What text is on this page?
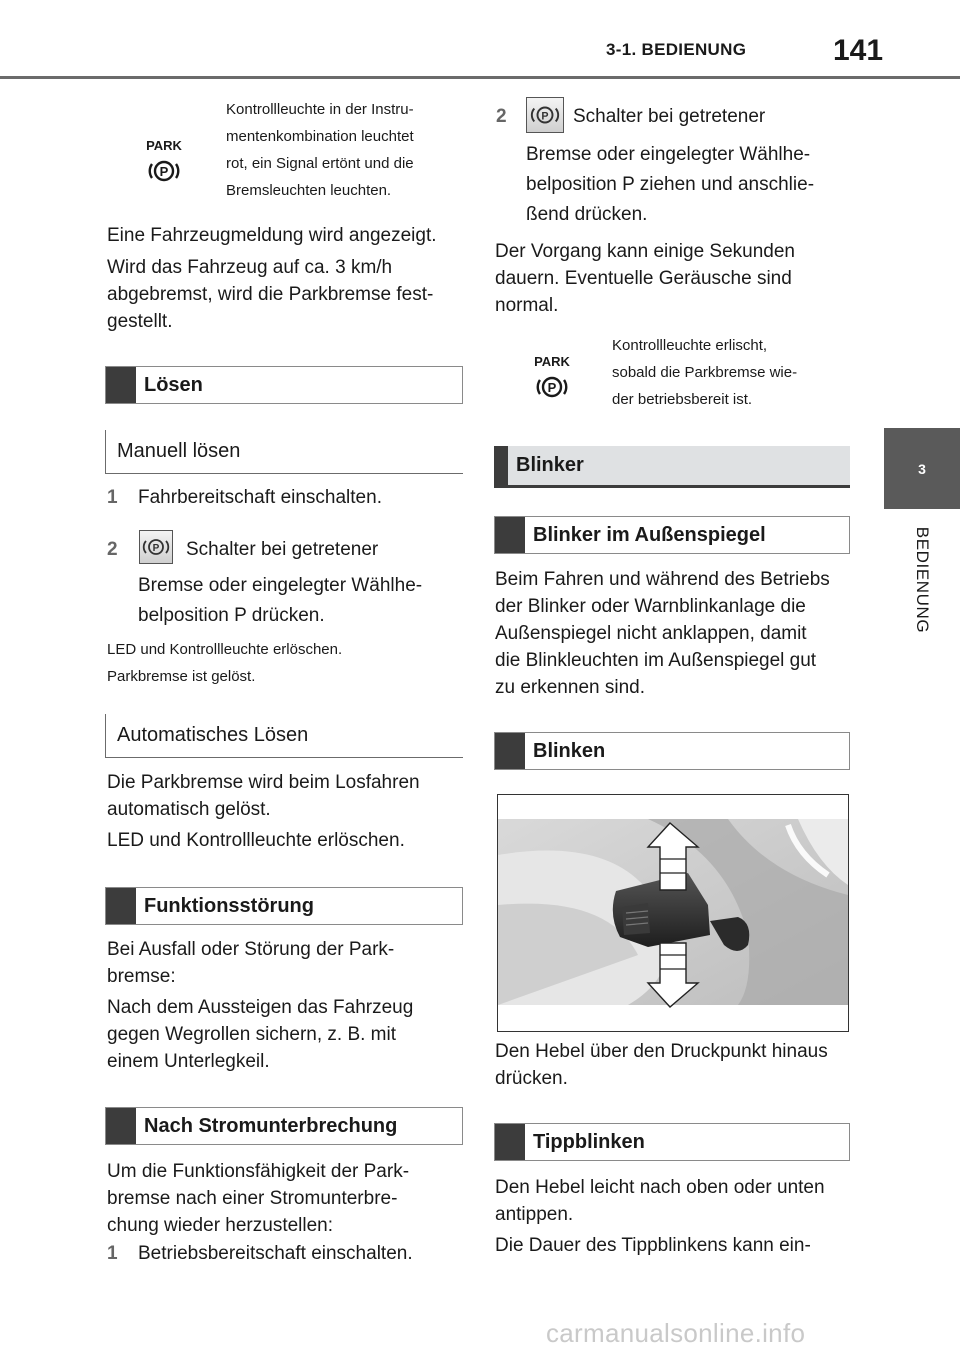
3-1. BEDIENUNG	141
3
BEDIENUNG
PARK
P
Kontrollleuchte in der Instru-
mentenkombination leuchtet
rot, ein Signal ertönt und die
Bremsleuchten leuchten.
Eine Fahrzeugmeldung wird angezeigt.
Wird das Fahrzeug auf ca. 3 km/h
abgebremst, wird die Parkbremse fest-
gestellt.
Lösen
Manuell lösen
1 Fahrbereitschaft einschalten.
2	P Schalter bei getretener
Bremse oder eingelegter Wählhe-
belposition P drücken.
LED und Kontrollleuchte erlöschen.
Parkbremse ist gelöst.
Automatisches Lösen
Die Parkbremse wird beim Losfahren
automatisch gelöst.
LED und Kontrollleuchte erlöschen.
Funktionsstörung
Bei Ausfall oder Störung der Park-
bremse:
Nach dem Aussteigen das Fahrzeug
gegen Wegrollen sichern, z. B. mit
einem Unterlegkeil.
Nach Stromunterbrechung
Um die Funktionsfähigkeit der Park-
bremse nach einer Stromunterbre-
chung wieder herzustellen:
1 Betriebsbereitschaft einschalten.
2	P Schalter bei getretener
Bremse oder eingelegter Wählhe-
belposition P ziehen und anschlie-
ßend drücken.
Der Vorgang kann einige Sekunden
dauern. Eventuelle Geräusche sind
normal.
PARK
P
Kontrollleuchte erlischt,
sobald die Parkbremse wie-
der betriebsbereit ist.
Blinker
Blinker im Außenspiegel
Beim Fahren und während des Betriebs
der Blinker oder Warnblinkanlage die
Außenspiegel nicht anklappen, damit
die Blinkleuchten im Außenspiegel gut
zu erkennen sind.
Blinken
Den Hebel über den Druckpunkt hinaus
drücken.
Tippblinken
Den Hebel leicht nach oben oder unten
antippen.
Die Dauer des Tippblinkens kann ein-
carmanualsonline.info
